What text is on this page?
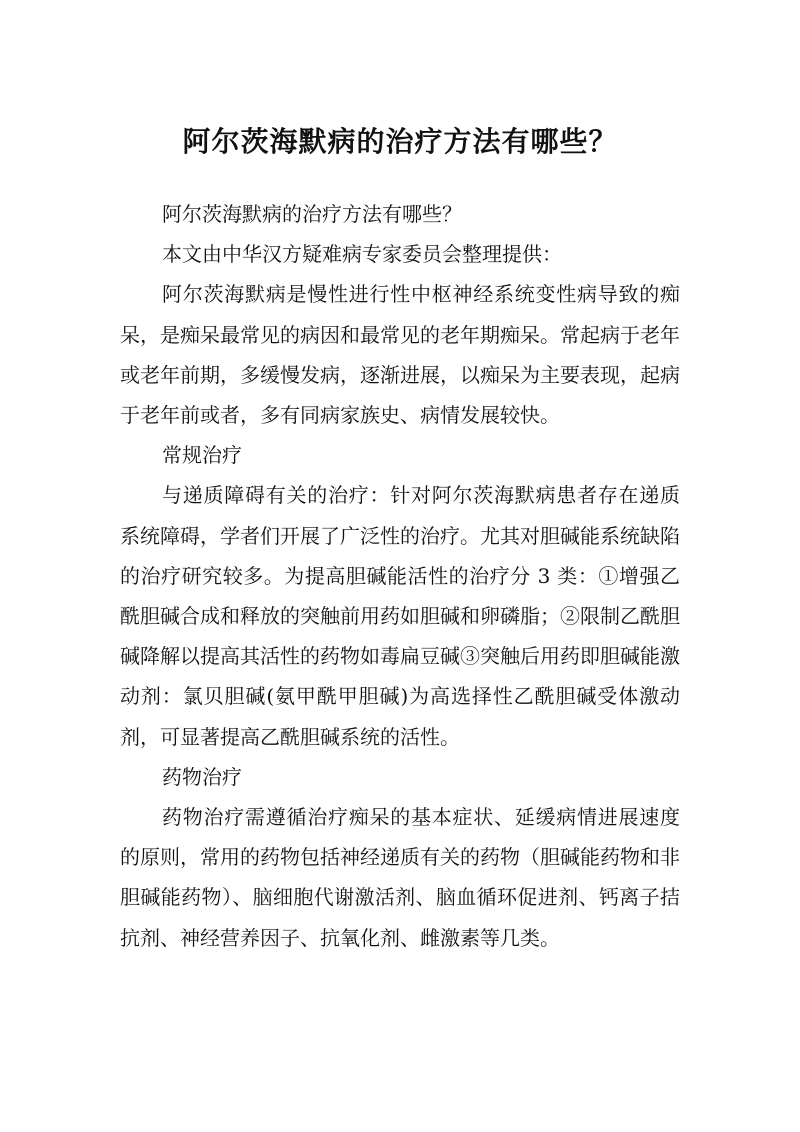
阿尔茨海默病的治疗方法有哪些？

阿尔茨海默病的治疗方法有哪些？

本文由中华汉方疑难病专家委员会整理提供：

阿尔茨海默病是慢性进行性中枢神经系统变性病导致的痴呆，是痴呆最常见的病因和最常见的老年期痴呆。常起病于老年或老年前期，多缓慢发病，逐渐进展，以痴呆为主要表现，起病于老年前或者，多有同病家族史、病情发展较快。

常规治疗

与递质障碍有关的治疗：针对阿尔茨海默病患者存在递质系统障碍，学者们开展了广泛性的治疗。尤其对胆碱能系统缺陷的治疗研究较多。为提高胆碱能活性的治疗分 3 类：①增强乙酰胆碱合成和释放的突触前用药如胆碱和卵磷脂；②限制乙酰胆碱降解以提高其活性的药物如毒扁豆碱③突触后用药即胆碱能激动剂：氯贝胆碱(氨甲酰甲胆碱)为高选择性乙酰胆碱受体激动剂，可显著提高乙酰胆碱系统的活性。

药物治疗

药物治疗需遵循治疗痴呆的基本症状、延缓病情进展速度的原则，常用的药物包括神经递质有关的药物（胆碱能药物和非胆碱能药物）、脑细胞代谢激活剂、脑血循环促进剂、钙离子拮抗剂、神经营养因子、抗氧化剂、雌激素等几类。
